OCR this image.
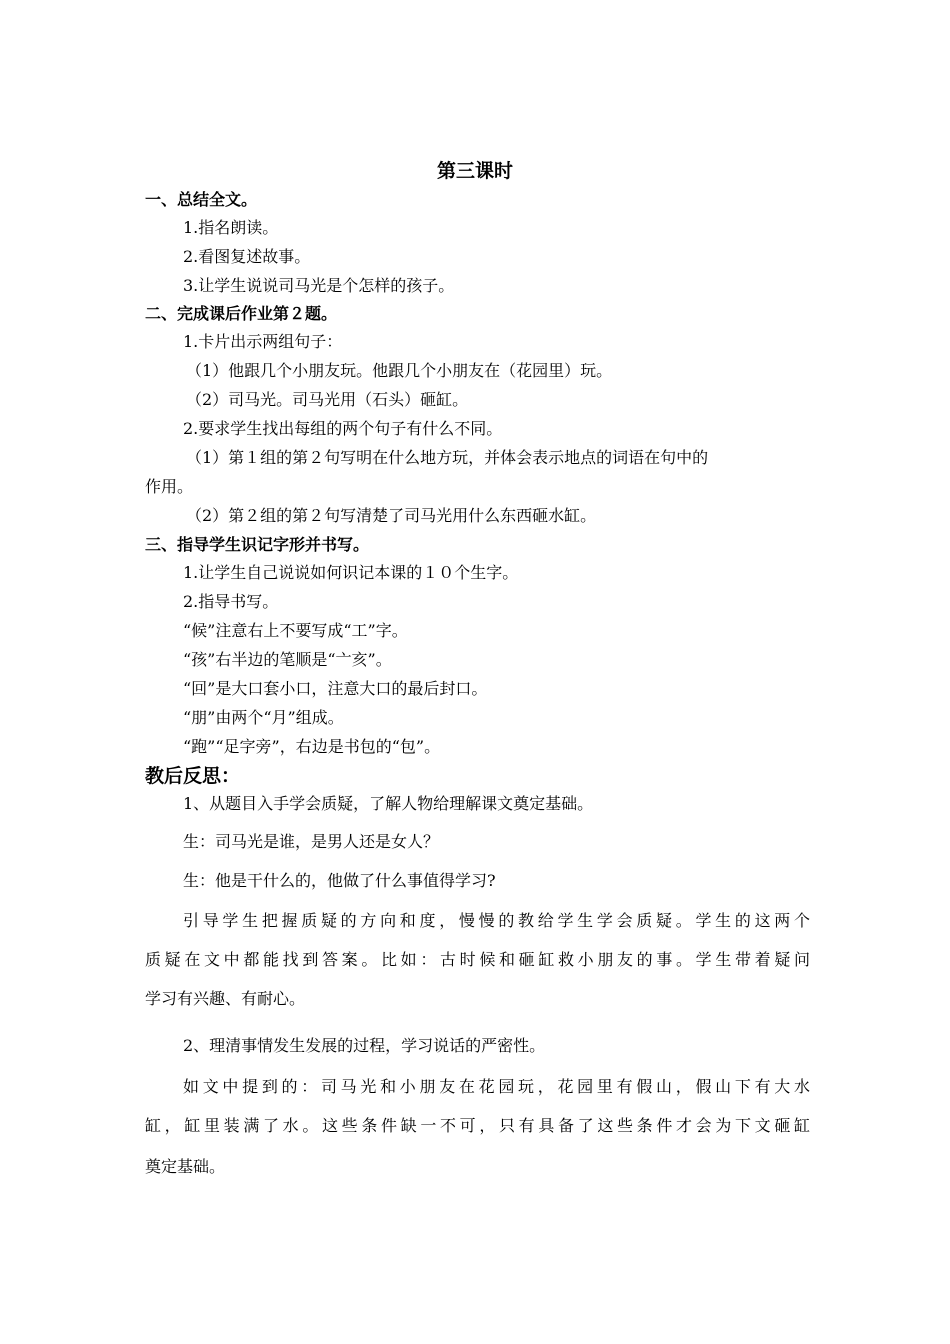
第三课时
一、总结全文。
1.指名朗读。
2.看图复述故事。
3.让学生说说司马光是个怎样的孩子。
二、完成课后作业第２题。
1.卡片出示两组句子：
（1）他跟几个小朋友玩。他跟几个小朋友在（花园里）玩。
（2）司马光。司马光用（石头）砸缸。
2.要求学生找出每组的两个句子有什么不同。
（1）第１组的第２句写明在什么地方玩，并体会表示地点的词语在句中的
作用。
（2）第２组的第２句写清楚了司马光用什么东西砸水缸。
三、指导学生识记字形并书写。
1.让学生自己说说如何识记本课的１０个生字。
2.指导书写。
“候”注意右上不要写成“工”字。
“孩”右半边的笔顺是“亠亥”。
“回”是大口套小口，注意大口的最后封口。
“朋”由两个“月”组成。
“跑”“足字旁”，右边是书包的“包”。
教后反思：
1、从题目入手学会质疑，了解人物给理解课文奠定基础。
生：司马光是谁，是男人还是女人？
生：他是干什么的，他做了什么事值得学习?
引导学生把握质疑的方向和度，慢慢的教给学生学会质疑。学生的这两个
质疑在文中都能找到答案。比如：古时候和砸缸救小朋友的事。学生带着疑问
学习有兴趣、有耐心。
2、理清事情发生发展的过程，学习说话的严密性。
如文中提到的：司马光和小朋友在花园玩，花园里有假山，假山下有大水
缸，缸里装满了水。这些条件缺一不可，只有具备了这些条件才会为下文砸缸
奠定基础。
